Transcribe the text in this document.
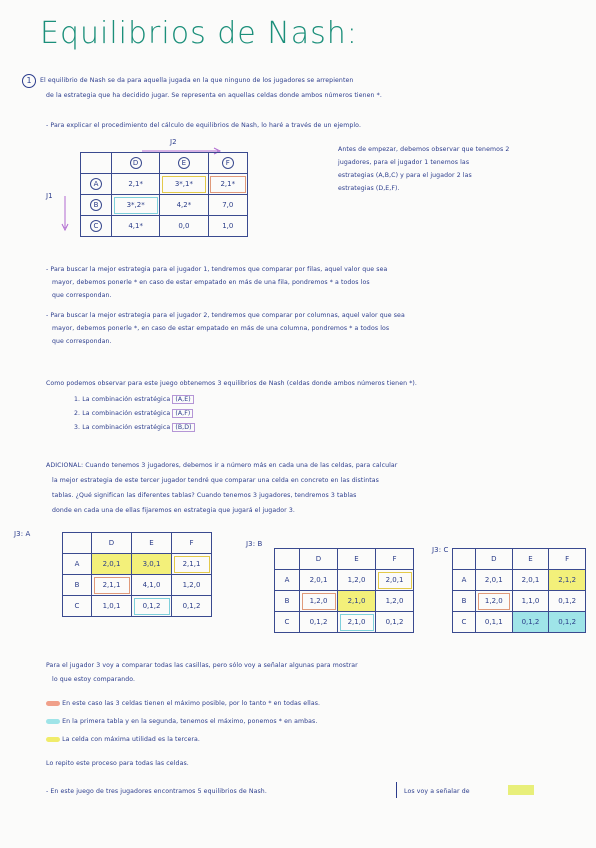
Equilibrios de Nash:
1	El equilibrio de Nash se da para aquella jugada en la que ninguno de los jugadores se arrepienten
de la estrategia que ha decidido jugar. Se representa en aquellas celdas donde ambos números tienen *.
- Para explicar el procedimiento del cálculo de equilibrios de Nash, lo haré a través de un ejemplo.
J2
J1
	D	E	F
A	2,1*	3*,1*	2,1*
B	3*,2*	4,2*	7,0
C	4,1*	0,0	1,0
Antes de empezar, debemos observar que tenemos 2
jugadores, para el jugador 1 tenemos las
estrategias (A,B,C) y para el jugador 2 las
estrategias (D,E,F).
- Para buscar la mejor estrategia para el jugador 1, tendremos que comparar por filas, aquel valor que sea
mayor, debemos ponerle * en caso de estar empatado en más de una fila, pondremos * a todos los
que correspondan.
- Para buscar la mejor estrategia para el jugador 2, tendremos que comparar por columnas, aquel valor que sea
mayor, debemos ponerle *, en caso de estar empatado en más de una columna, pondremos * a todos los
que correspondan.
Como podemos observar para este juego obtenemos 3 equilibrios de Nash (celdas donde ambos números tienen *).
1. La combinación estratégica (A,E)
2. La combinación estratégica (A,F)
3. La combinación estratégica (B,D)
ADICIONAL: Cuando tenemos 3 jugadores, debemos ir a número más en cada una de las celdas, para calcular
la mejor estrategia de este tercer jugador tendré que comparar una celda en concreto en las distintas
tablas. ¿Qué significan las diferentes tablas? Cuando tenemos 3 jugadores, tendremos 3 tablas
donde en cada una de ellas fijaremos en estrategia que jugará el jugador 3.
J3: A
	D	E	F
A	2,0,1	3,0,1	2,1,1
B	2,1,1	4,1,0	1,2,0
C	1,0,1	0,1,2	0,1,2
J3: B
	D	E	F
A	2,0,1	1,2,0	2,0,1
B	1,2,0	2,1,0	1,2,0
C	0,1,2	2,1,0	0,1,2
J3: C
	D	E	F
A	2,0,1	2,0,1	2,1,2
B	1,2,0	1,1,0	0,1,2
C	0,1,1	0,1,2	0,1,2
Para el jugador 3 voy a comparar todas las casillas, pero sólo voy a señalar algunas para mostrar
lo que estoy comparando.
En este caso las 3 celdas tienen el máximo posible, por lo tanto * en todas ellas.
En la primera tabla y en la segunda, tenemos el máximo, ponemos * en ambas.
La celda con máxima utilidad es la tercera.
Lo repito este proceso para todas las celdas.
- En este juego de tres jugadores encontramos 5 equilibrios de Nash.	Los voy a señalar de
